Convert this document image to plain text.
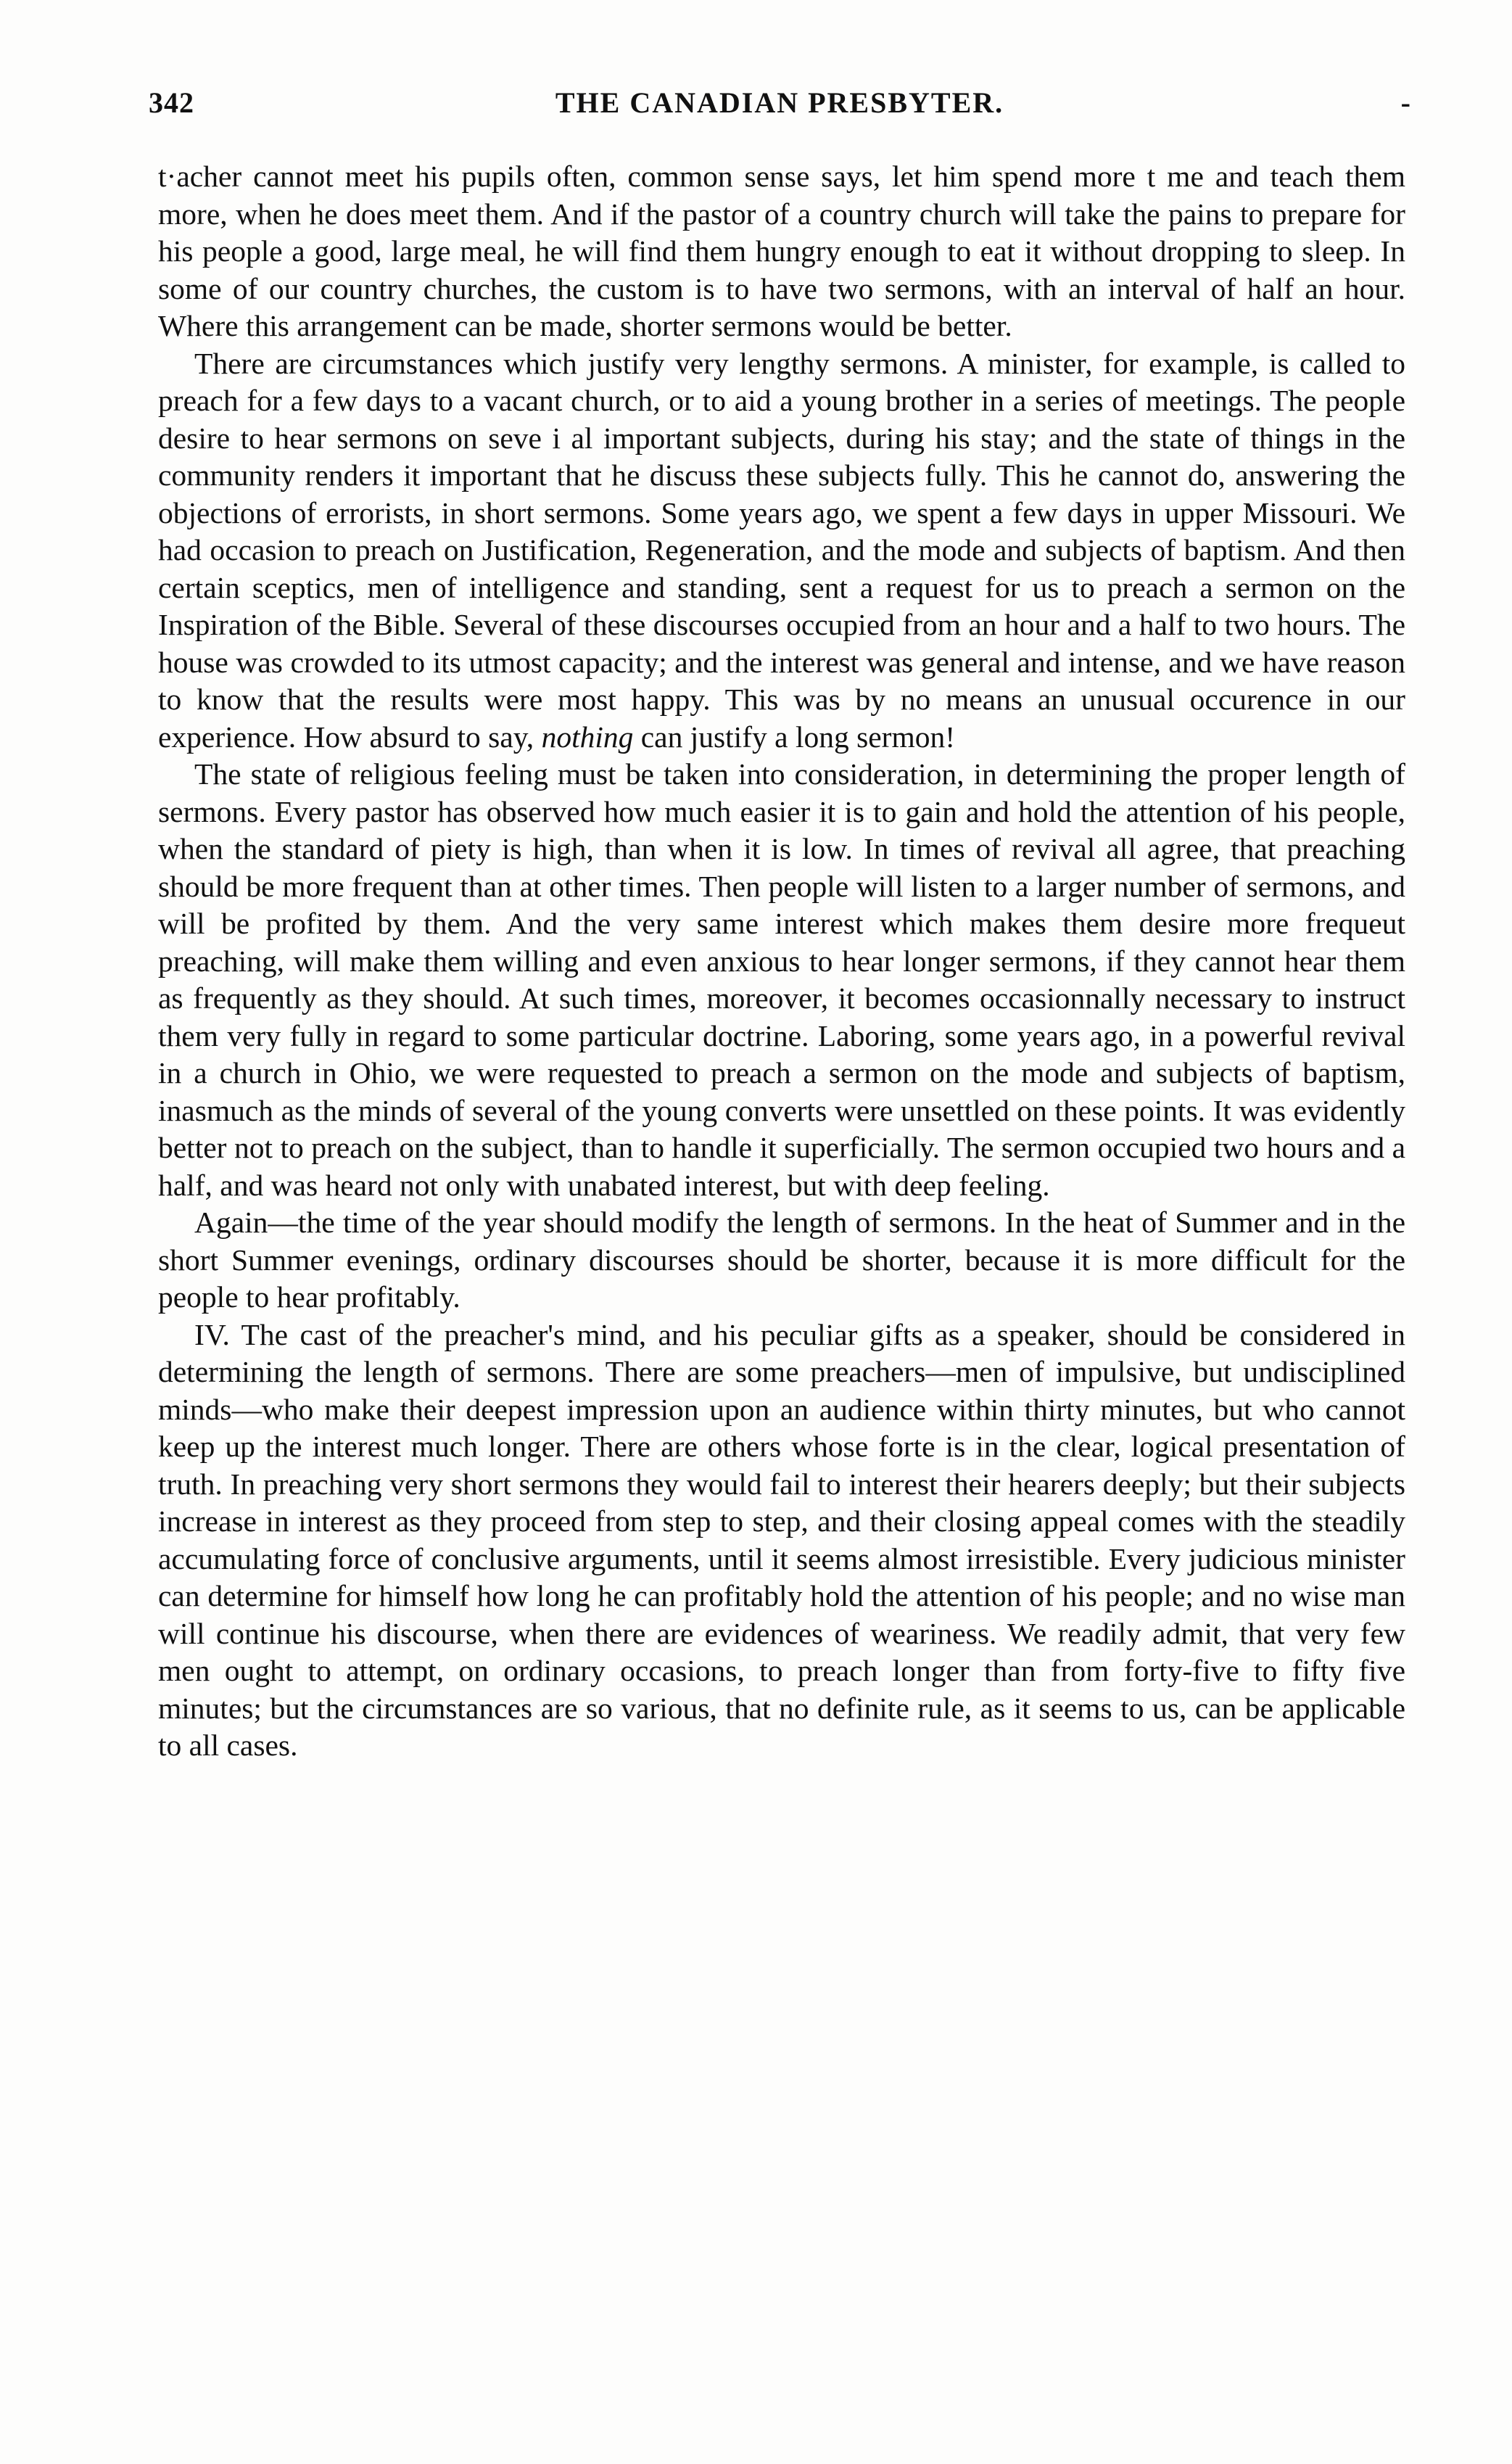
342	THE CANADIAN PRESBYTER.	-

t·acher cannot meet his pupils often, common sense says, let him spend more t me and teach them more, when he does meet them. And if the pastor of a country church will take the pains to prepare for his people a good, large meal, he will find them hungry enough to eat it without dropping to sleep. In some of our country churches, the custom is to have two sermons, with an interval of half an hour. Where this arrangement can be made, shorter sermons would be better.

There are circumstances which justify very lengthy sermons. A minister, for example, is called to preach for a few days to a vacant church, or to aid a young brother in a series of meetings. The people desire to hear sermons on seve i al important subjects, during his stay; and the state of things in the community renders it important that he discuss these subjects fully. This he cannot do, answering the objections of errorists, in short sermons. Some years ago, we spent a few days in upper Missouri. We had occasion to preach on Justification, Regeneration, and the mode and subjects of baptism. And then certain sceptics, men of intelligence and standing, sent a request for us to preach a sermon on the Inspiration of the Bible. Several of these discourses occupied from an hour and a half to two hours. The house was crowded to its utmost capacity; and the interest was general and intense, and we have reason to know that the results were most happy. This was by no means an unusual occurence in our experience. How absurd to say, nothing can justify a long sermon!

The state of religious feeling must be taken into consideration, in determining the proper length of sermons. Every pastor has observed how much easier it is to gain and hold the attention of his people, when the standard of piety is high, than when it is low. In times of revival all agree, that preaching should be more frequent than at other times. Then people will listen to a larger number of sermons, and will be profited by them. And the very same interest which makes them desire more frequeut preaching, will make them willing and even anxious to hear longer sermons, if they cannot hear them as frequently as they should. At such times, moreover, it becomes occasionnally necessary to instruct them very fully in regard to some particular doctrine. Laboring, some years ago, in a powerful revival in a church in Ohio, we were requested to preach a sermon on the mode and subjects of baptism, inasmuch as the minds of several of the young converts were unsettled on these points. It was evidently better not to preach on the subject, than to handle it superficially. The sermon occupied two hours and a half, and was heard not only with unabated interest, but with deep feeling.

Again—the time of the year should modify the length of sermons. In the heat of Summer and in the short Summer evenings, ordinary discourses should be shorter, because it is more difficult for the people to hear profitably.

IV. The cast of the preacher's mind, and his peculiar gifts as a speaker, should be considered in determining the length of sermons. There are some preachers—men of impulsive, but undisciplined minds—who make their deepest impression upon an audience within thirty minutes, but who cannot keep up the interest much longer. There are others whose forte is in the clear, logical presentation of truth. In preaching very short sermons they would fail to interest their hearers deeply; but their subjects increase in interest as they proceed from step to step, and their closing appeal comes with the steadily accumulating force of conclusive arguments, until it seems almost irresistible. Every judicious minister can determine for himself how long he can profitably hold the attention of his people; and no wise man will continue his discourse, when there are evidences of weariness. We readily admit, that very few men ought to attempt, on ordinary occasions, to preach longer than from forty-five to fifty five minutes; but the circumstances are so various, that no definite rule, as it seems to us, can be applicable to all cases.
